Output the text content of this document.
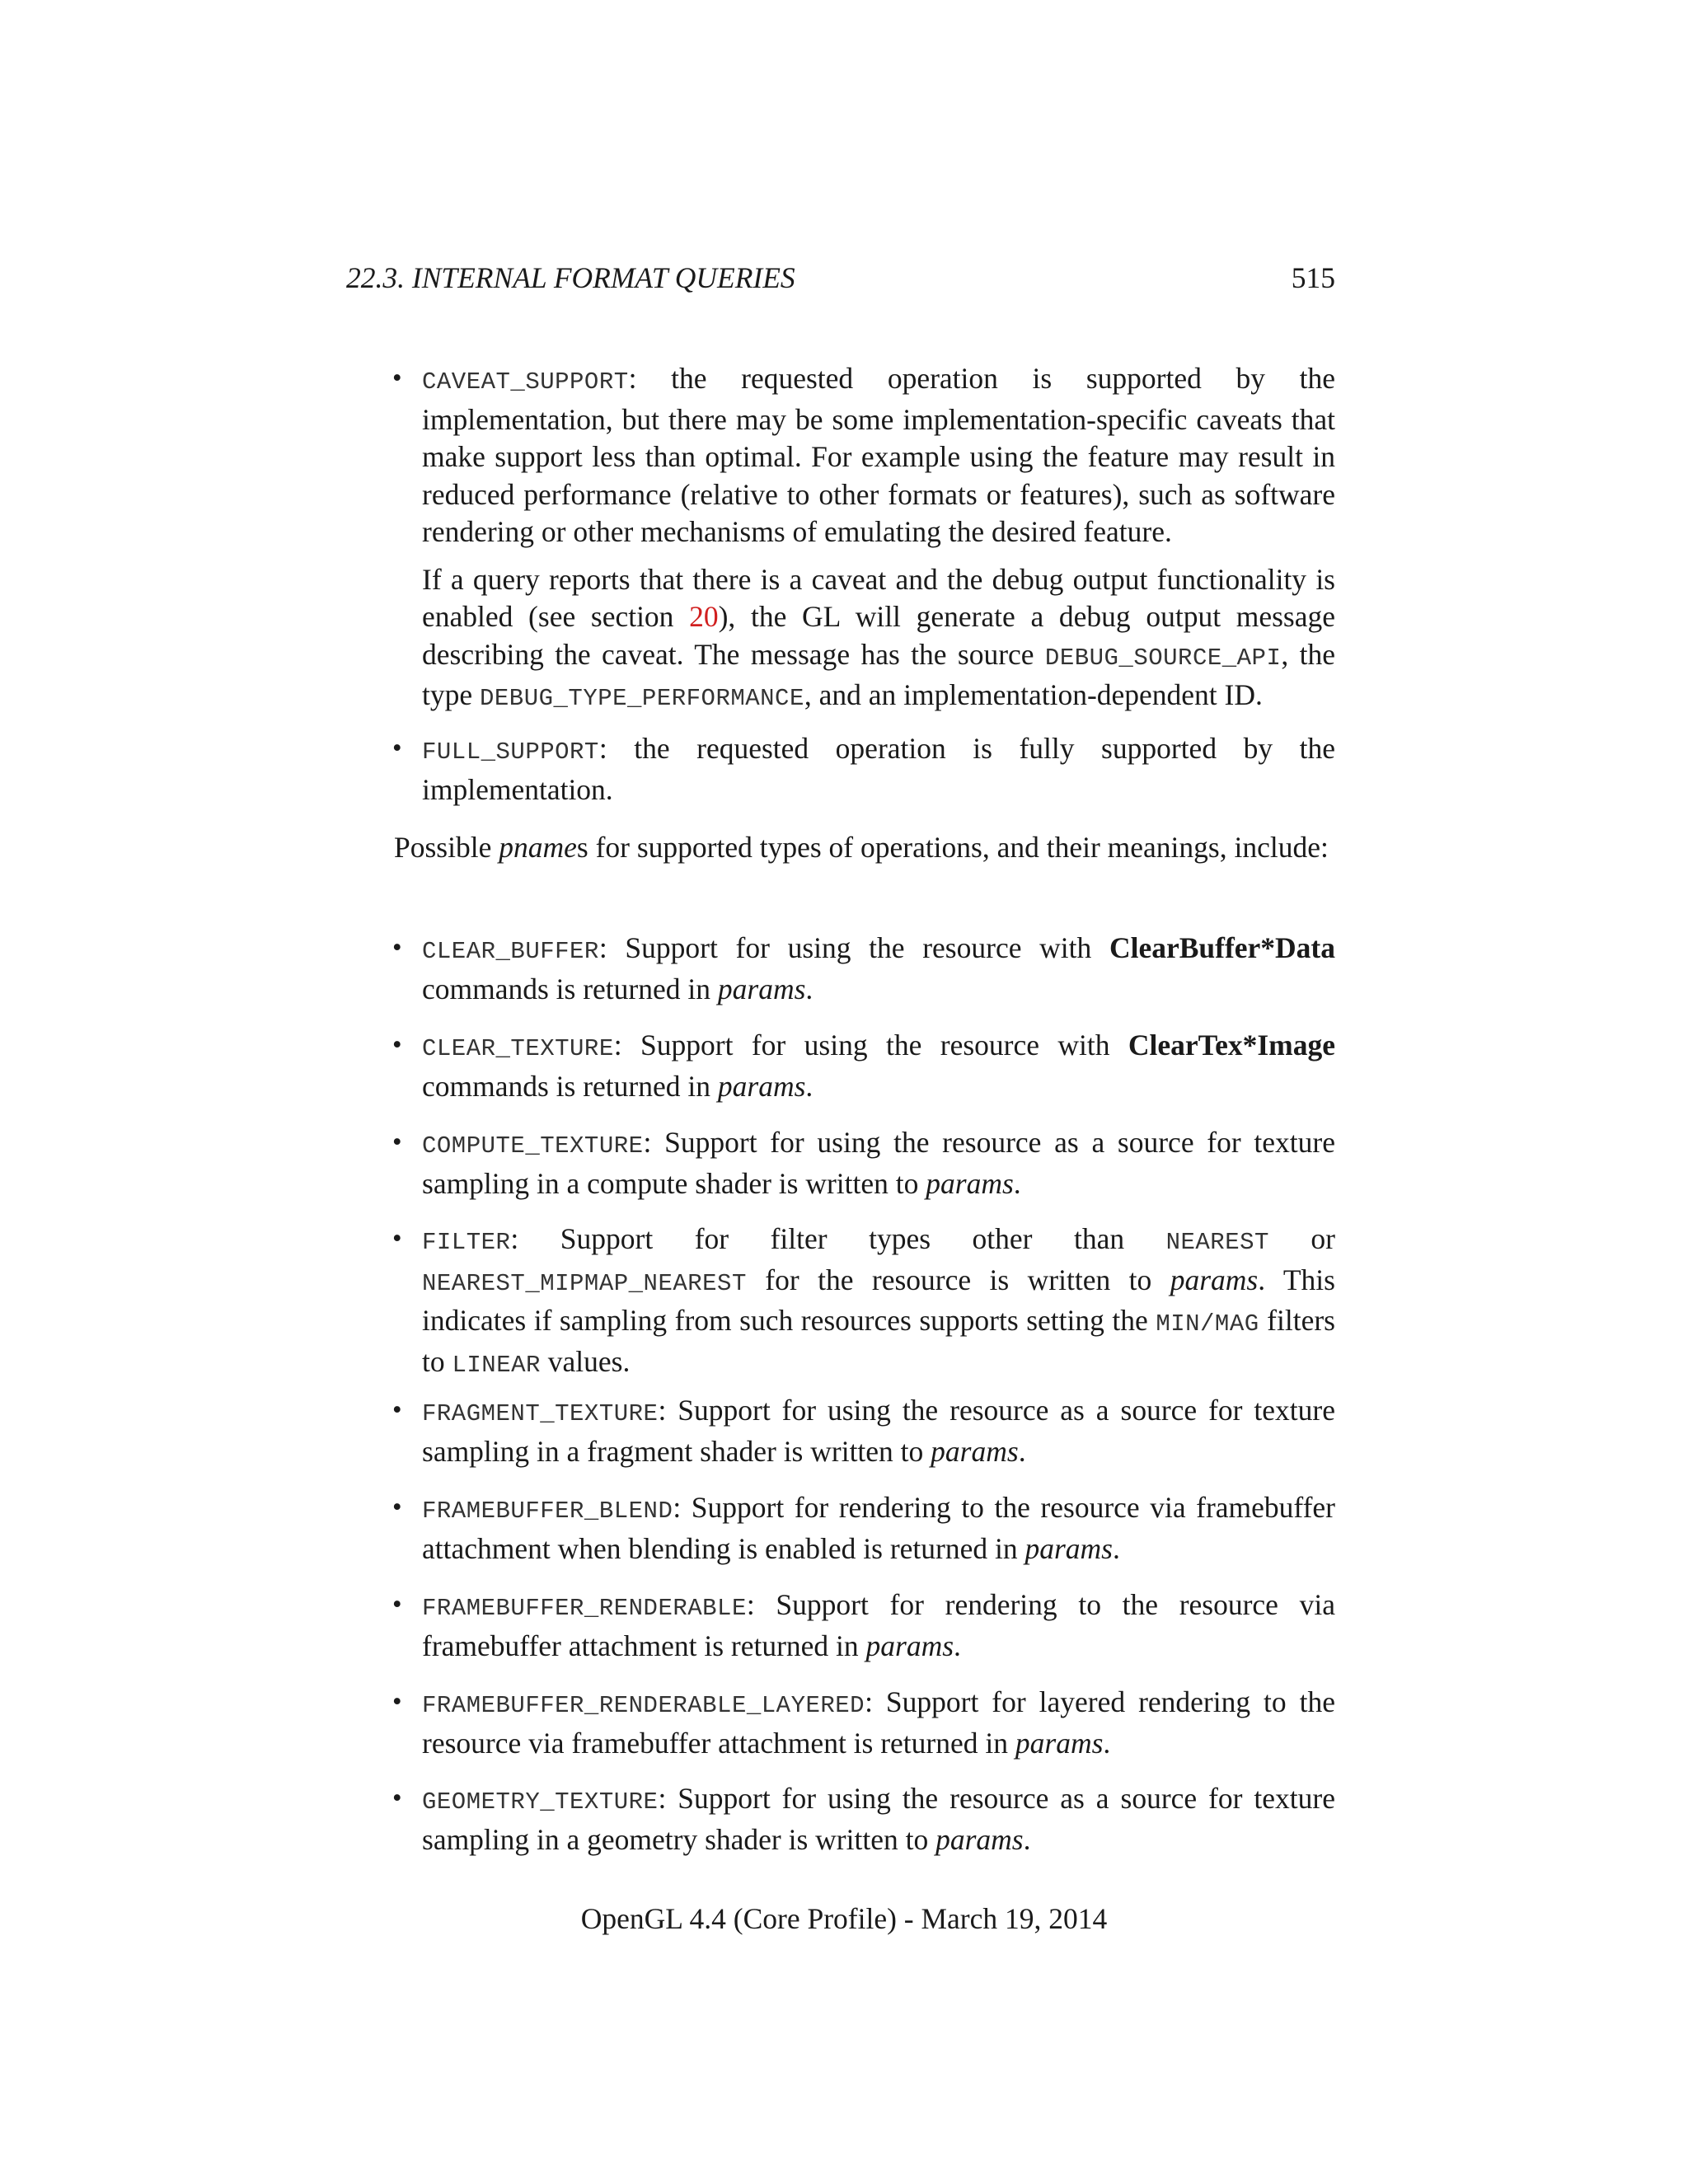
22.3. INTERNAL FORMAT QUERIES	515
• CAVEAT_SUPPORT: the requested operation is supported by the implementation, but there may be some implementation-specific caveats that make support less than optimal. For example using the feature may result in reduced performance (relative to other formats or features), such as software rendering or other mechanisms of emulating the desired feature.

If a query reports that there is a caveat and the debug output functionality is enabled (see section 20), the GL will generate a debug output message describing the caveat. The message has the source DEBUG_SOURCE_API, the type DEBUG_TYPE_PERFORMANCE, and an implementation-dependent ID.

• FULL_SUPPORT: the requested operation is fully supported by the implementation.

Possible pnames for supported types of operations, and their meanings, include:

• CLEAR_BUFFER: Support for using the resource with ClearBuffer*Data commands is returned in params.

• CLEAR_TEXTURE: Support for using the resource with ClearTex*Image commands is returned in params.

• COMPUTE_TEXTURE: Support for using the resource as a source for texture sampling in a compute shader is written to params.

• FILTER: Support for filter types other than NEAREST or NEAREST_MIPMAP_NEAREST for the resource is written to params. This indicates if sampling from such resources supports setting the MIN/MAG filters to LINEAR values.

• FRAGMENT_TEXTURE: Support for using the resource as a source for texture sampling in a fragment shader is written to params.

• FRAMEBUFFER_BLEND: Support for rendering to the resource via framebuffer attachment when blending is enabled is returned in params.

• FRAMEBUFFER_RENDERABLE: Support for rendering to the resource via framebuffer attachment is returned in params.

• FRAMEBUFFER_RENDERABLE_LAYERED: Support for layered rendering to the resource via framebuffer attachment is returned in params.

• GEOMETRY_TEXTURE: Support for using the resource as a source for texture sampling in a geometry shader is written to params.

OpenGL 4.4 (Core Profile) - March 19, 2014
